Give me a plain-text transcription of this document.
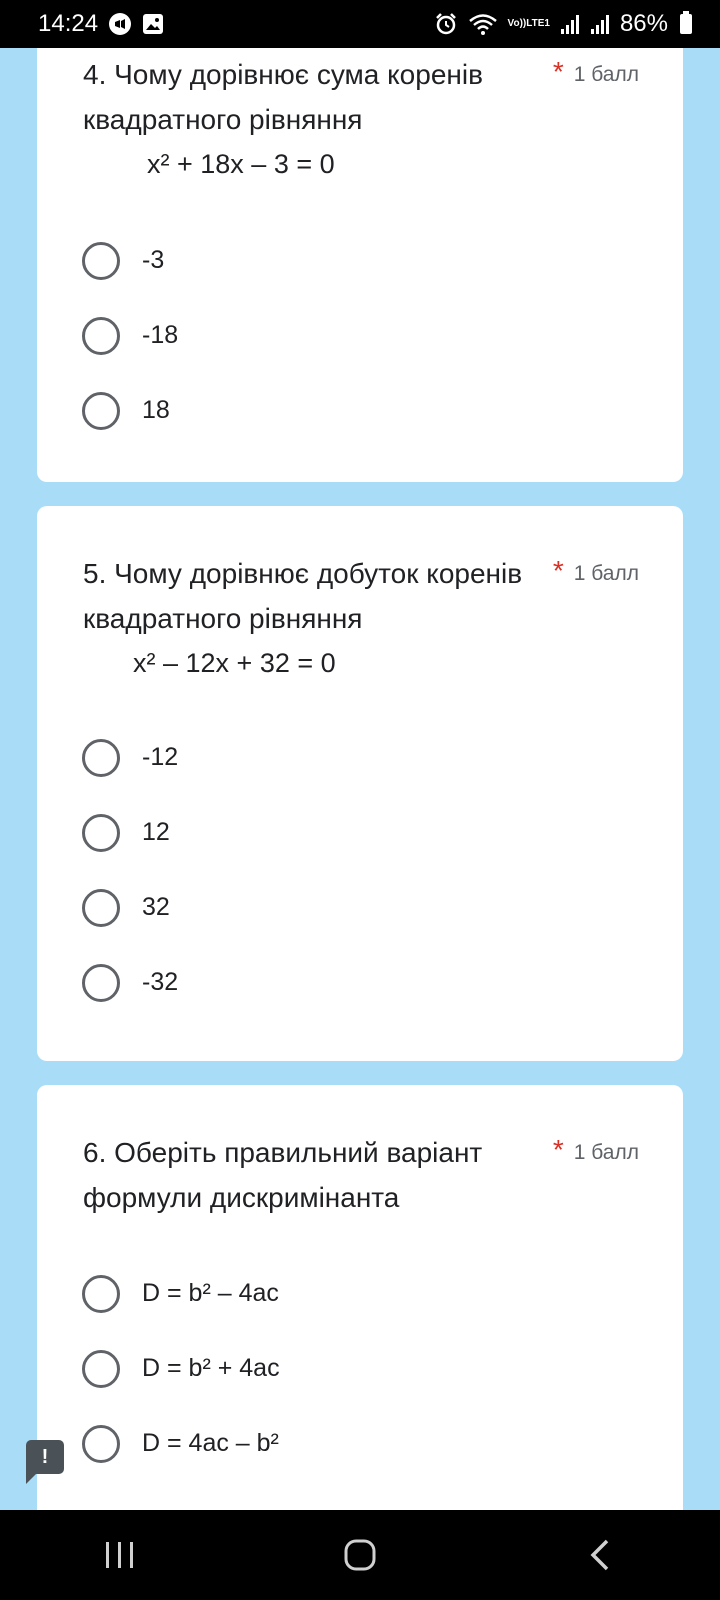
14:24	Vo)) LTE1	86%
4. Чому дорівнює сума коренів квадратного рівняння
x² + 18x – 3 = 0
* 1 балл
-3
-18
18
5. Чому дорівнює добуток коренів квадратного рівняння
x² – 12x + 32 = 0
* 1 балл
-12
12
32
-32
6. Оберіть правильний варіант формули дискримінанта
* 1 балл
D = b² – 4ac
D = b² + 4ac
D = 4ac – b²
!
